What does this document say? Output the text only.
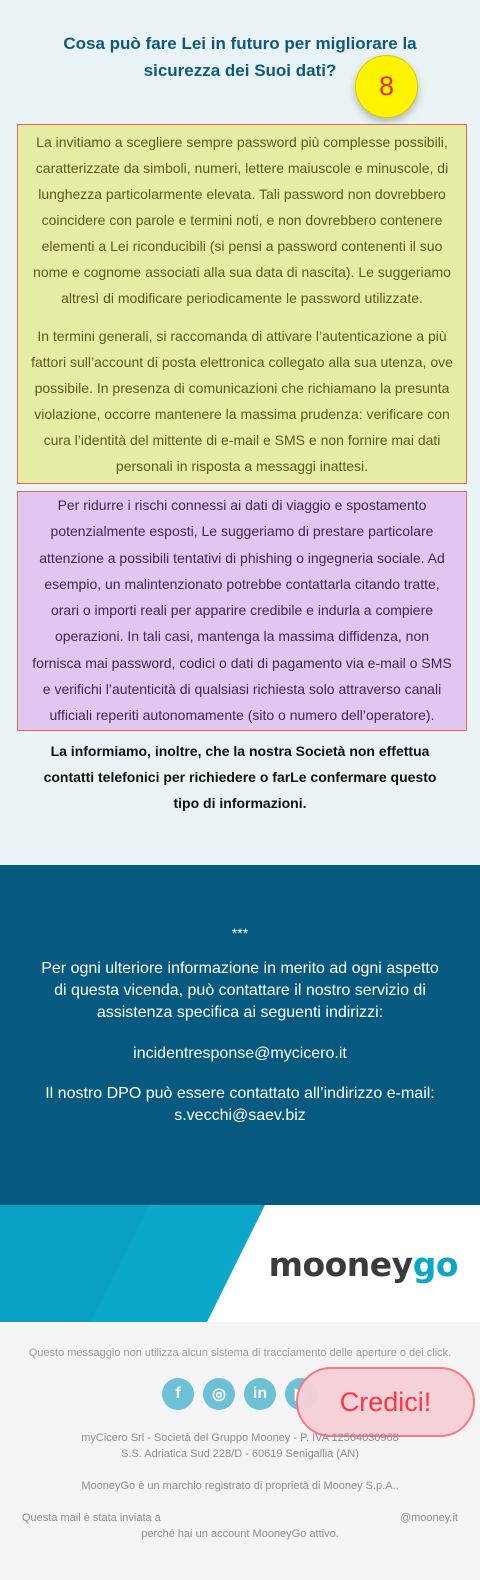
Cosa può fare Lei in futuro per migliorare la sicurezza dei Suoi dati?
8

La invitiamo a scegliere sempre password più complesse possibili, caratterizzate da simboli, numeri, lettere maiuscole e minuscole, di lunghezza particolarmente elevata. Tali password non dovrebbero coincidere con parole e termini noti, e non dovrebbero contenere elementi a Lei riconducibili (si pensi a password contenenti il suo nome e cognome associati alla sua data di nascita). Le suggeriamo altresì di modificare periodicamente le password utilizzate.

In termini generali, si raccomanda di attivare l’autenticazione a più fattori sull’account di posta elettronica collegato alla sua utenza, ove possibile. In presenza di comunicazioni che richiamano la presunta violazione, occorre mantenere la massima prudenza: verificare con cura l’identità del mittente di e-mail e SMS e non fornire mai dati personali in risposta a messaggi inattesi.

Per ridurre i rischi connessi ai dati di viaggio e spostamento potenzialmente esposti, Le suggeriamo di prestare particolare attenzione a possibili tentativi di phishing o ingegneria sociale. Ad esempio, un malintenzionato potrebbe contattarla citando tratte, orari o importi reali per apparire credibile e indurla a compiere operazioni. In tali casi, mantenga la massima diffidenza, non fornisca mai password, codici o dati di pagamento via e-mail o SMS e verifichi l’autenticità di qualsiasi richiesta solo attraverso canali ufficiali reperiti autonomamente (sito o numero dell’operatore).

La informiamo, inoltre, che la nostra Società non effettua contatti telefonici per richiedere o farLe confermare questo tipo di informazioni.

***

Per ogni ulteriore informazione in merito ad ogni aspetto di questa vicenda, può contattare il nostro servizio di assistenza specifica ai seguenti indirizzi:

incidentresponse@mycicero.it
Il nostro DPO può essere contattato all’indirizzo e-mail:
s.vecchi@saev.biz
mooneygo
Questo messaggio non utilizza alcun sistema di tracciamento delle aperture o dei click.
f	◎	in	Credici!
myCicero Srl - Società del Gruppo Mooney - P. IVA 12564030968
S.S. Adriatica Sud 228/D - 60619 Senigallia (AN)
MooneyGo è un marchio registrato di proprietà di Mooney S.p.A..
Questa mail è stata inviata a	@mooney.it
perché hai un account MooneyGo attivo.
